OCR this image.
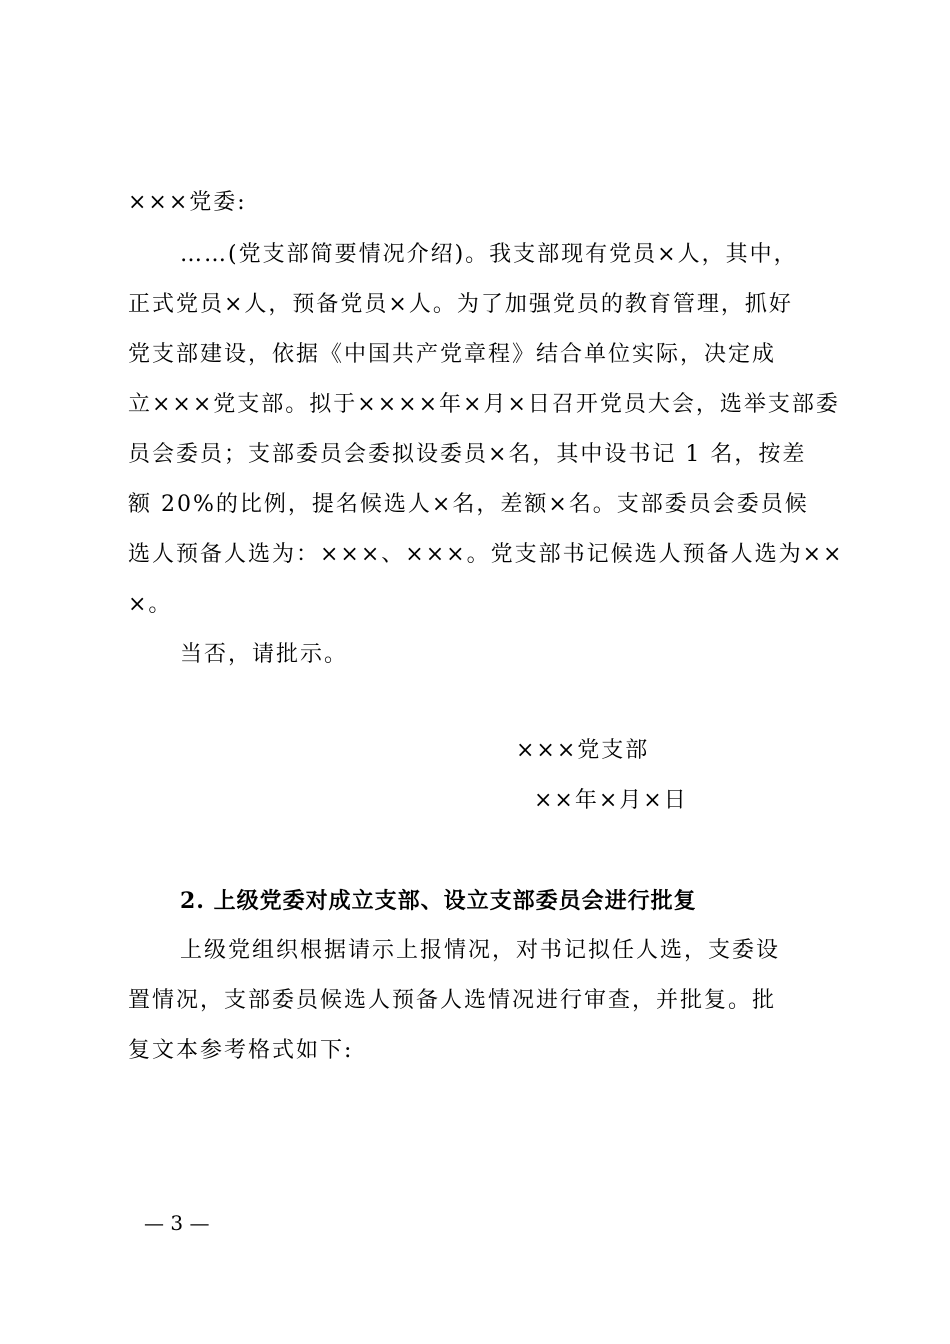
×××党委:
……(党支部简要情况介绍)。我支部现有党员×人，其中，
正式党员×人，预备党员×人。为了加强党员的教育管理，抓好
党支部建设，依据《中国共产党章程》结合单位实际，决定成
立×××党支部。拟于××××年×月×日召开党员大会，选举支部委
员会委员；支部委员会委拟设委员×名，其中设书记 1 名，按差
额 20%的比例，提名候选人×名，差额×名。支部委员会委员候
选人预备人选为：×××、×××。党支部书记候选人预备人选为××
×。
当否，请批示。
×××党支部
××年×月×日
2. 上级党委对成立支部、设立支部委员会进行批复
上级党组织根据请示上报情况，对书记拟任人选，支委设
置情况，支部委员候选人预备人选情况进行审查，并批复。批
复文本参考格式如下:
— 3 —
